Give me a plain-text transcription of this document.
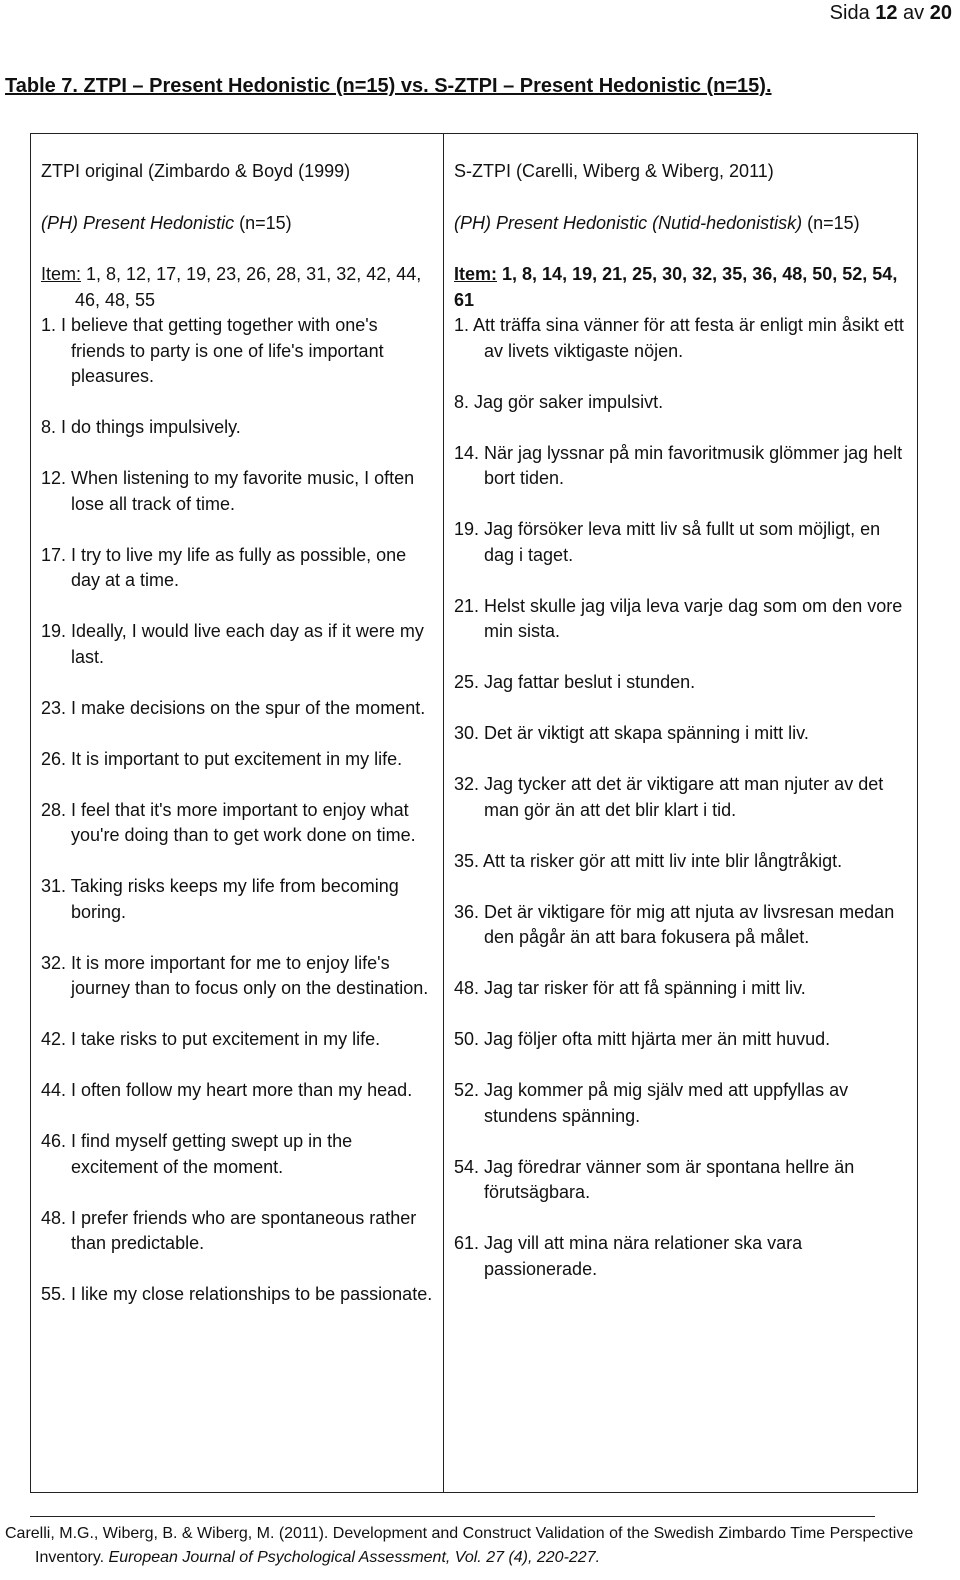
Sida 12 av 20
Table 7. ZTPI – Present Hedonistic (n=15) vs. S-ZTPI – Present Hedonistic (n=15).
ZTPI original (Zimbardo & Boyd (1999)
(PH) Present Hedonistic (n=15)
Item: 1, 8, 12, 17, 19, 23, 26, 28, 31, 32, 42, 44, 46, 48, 55
1. I believe that getting together with one's friends to party is one of life's important pleasures.
8. I do things impulsively.
12. When listening to my favorite music, I often lose all track of time.
17. I try to live my life as fully as possible, one day at a time.
19. Ideally, I would live each day as if it were my last.
23. I make decisions on the spur of the moment.
26. It is important to put excitement in my life.
28. I feel that it's more important to enjoy what you're doing than to get work done on time.
31. Taking risks keeps my life from becoming boring.
32. It is more important for me to enjoy life's journey than to focus only on the destination.
42. I take risks to put excitement in my life.
44. I often follow my heart more than my head.
46. I find myself getting swept up in the excitement of the moment.
48. I prefer friends who are spontaneous rather than predictable.
55. I like my close relationships to be passionate.

S-ZTPI (Carelli, Wiberg & Wiberg, 2011)
(PH) Present Hedonistic (Nutid-hedonistisk) (n=15)
Item: 1, 8, 14, 19, 21, 25, 30, 32, 35, 36, 48, 50, 52, 54, 61
1. Att träffa sina vänner för att festa är enligt min åsikt ett av livets viktigaste nöjen.
8. Jag gör saker impulsivt.
14. När jag lyssnar på min favoritmusik glömmer jag helt bort tiden.
19. Jag försöker leva mitt liv så fullt ut som möjligt, en dag i taget.
21. Helst skulle jag vilja leva varje dag som om den vore min sista.
25. Jag fattar beslut i stunden.
30. Det är viktigt att skapa spänning i mitt liv.
32. Jag tycker att det är viktigare att man njuter av det man gör än att det blir klart i tid.
35. Att ta risker gör att mitt liv inte blir långtråkigt.
36. Det är viktigare för mig att njuta av livsresan medan den pågår än att bara fokusera på målet.
48. Jag tar risker för att få spänning i mitt liv.
50. Jag följer ofta mitt hjärta mer än mitt huvud.
52. Jag kommer på mig själv med att uppfyllas av stundens spänning.
54. Jag föredrar vänner som är spontana hellre än förutsägbara.
61. Jag vill att mina nära relationer ska vara passionerade.
Carelli, M.G., Wiberg, B. & Wiberg, M. (2011). Development and Construct Validation of the Swedish Zimbardo Time Perspective
Inventory. European Journal of Psychological Assessment, Vol. 27 (4), 220-227.
